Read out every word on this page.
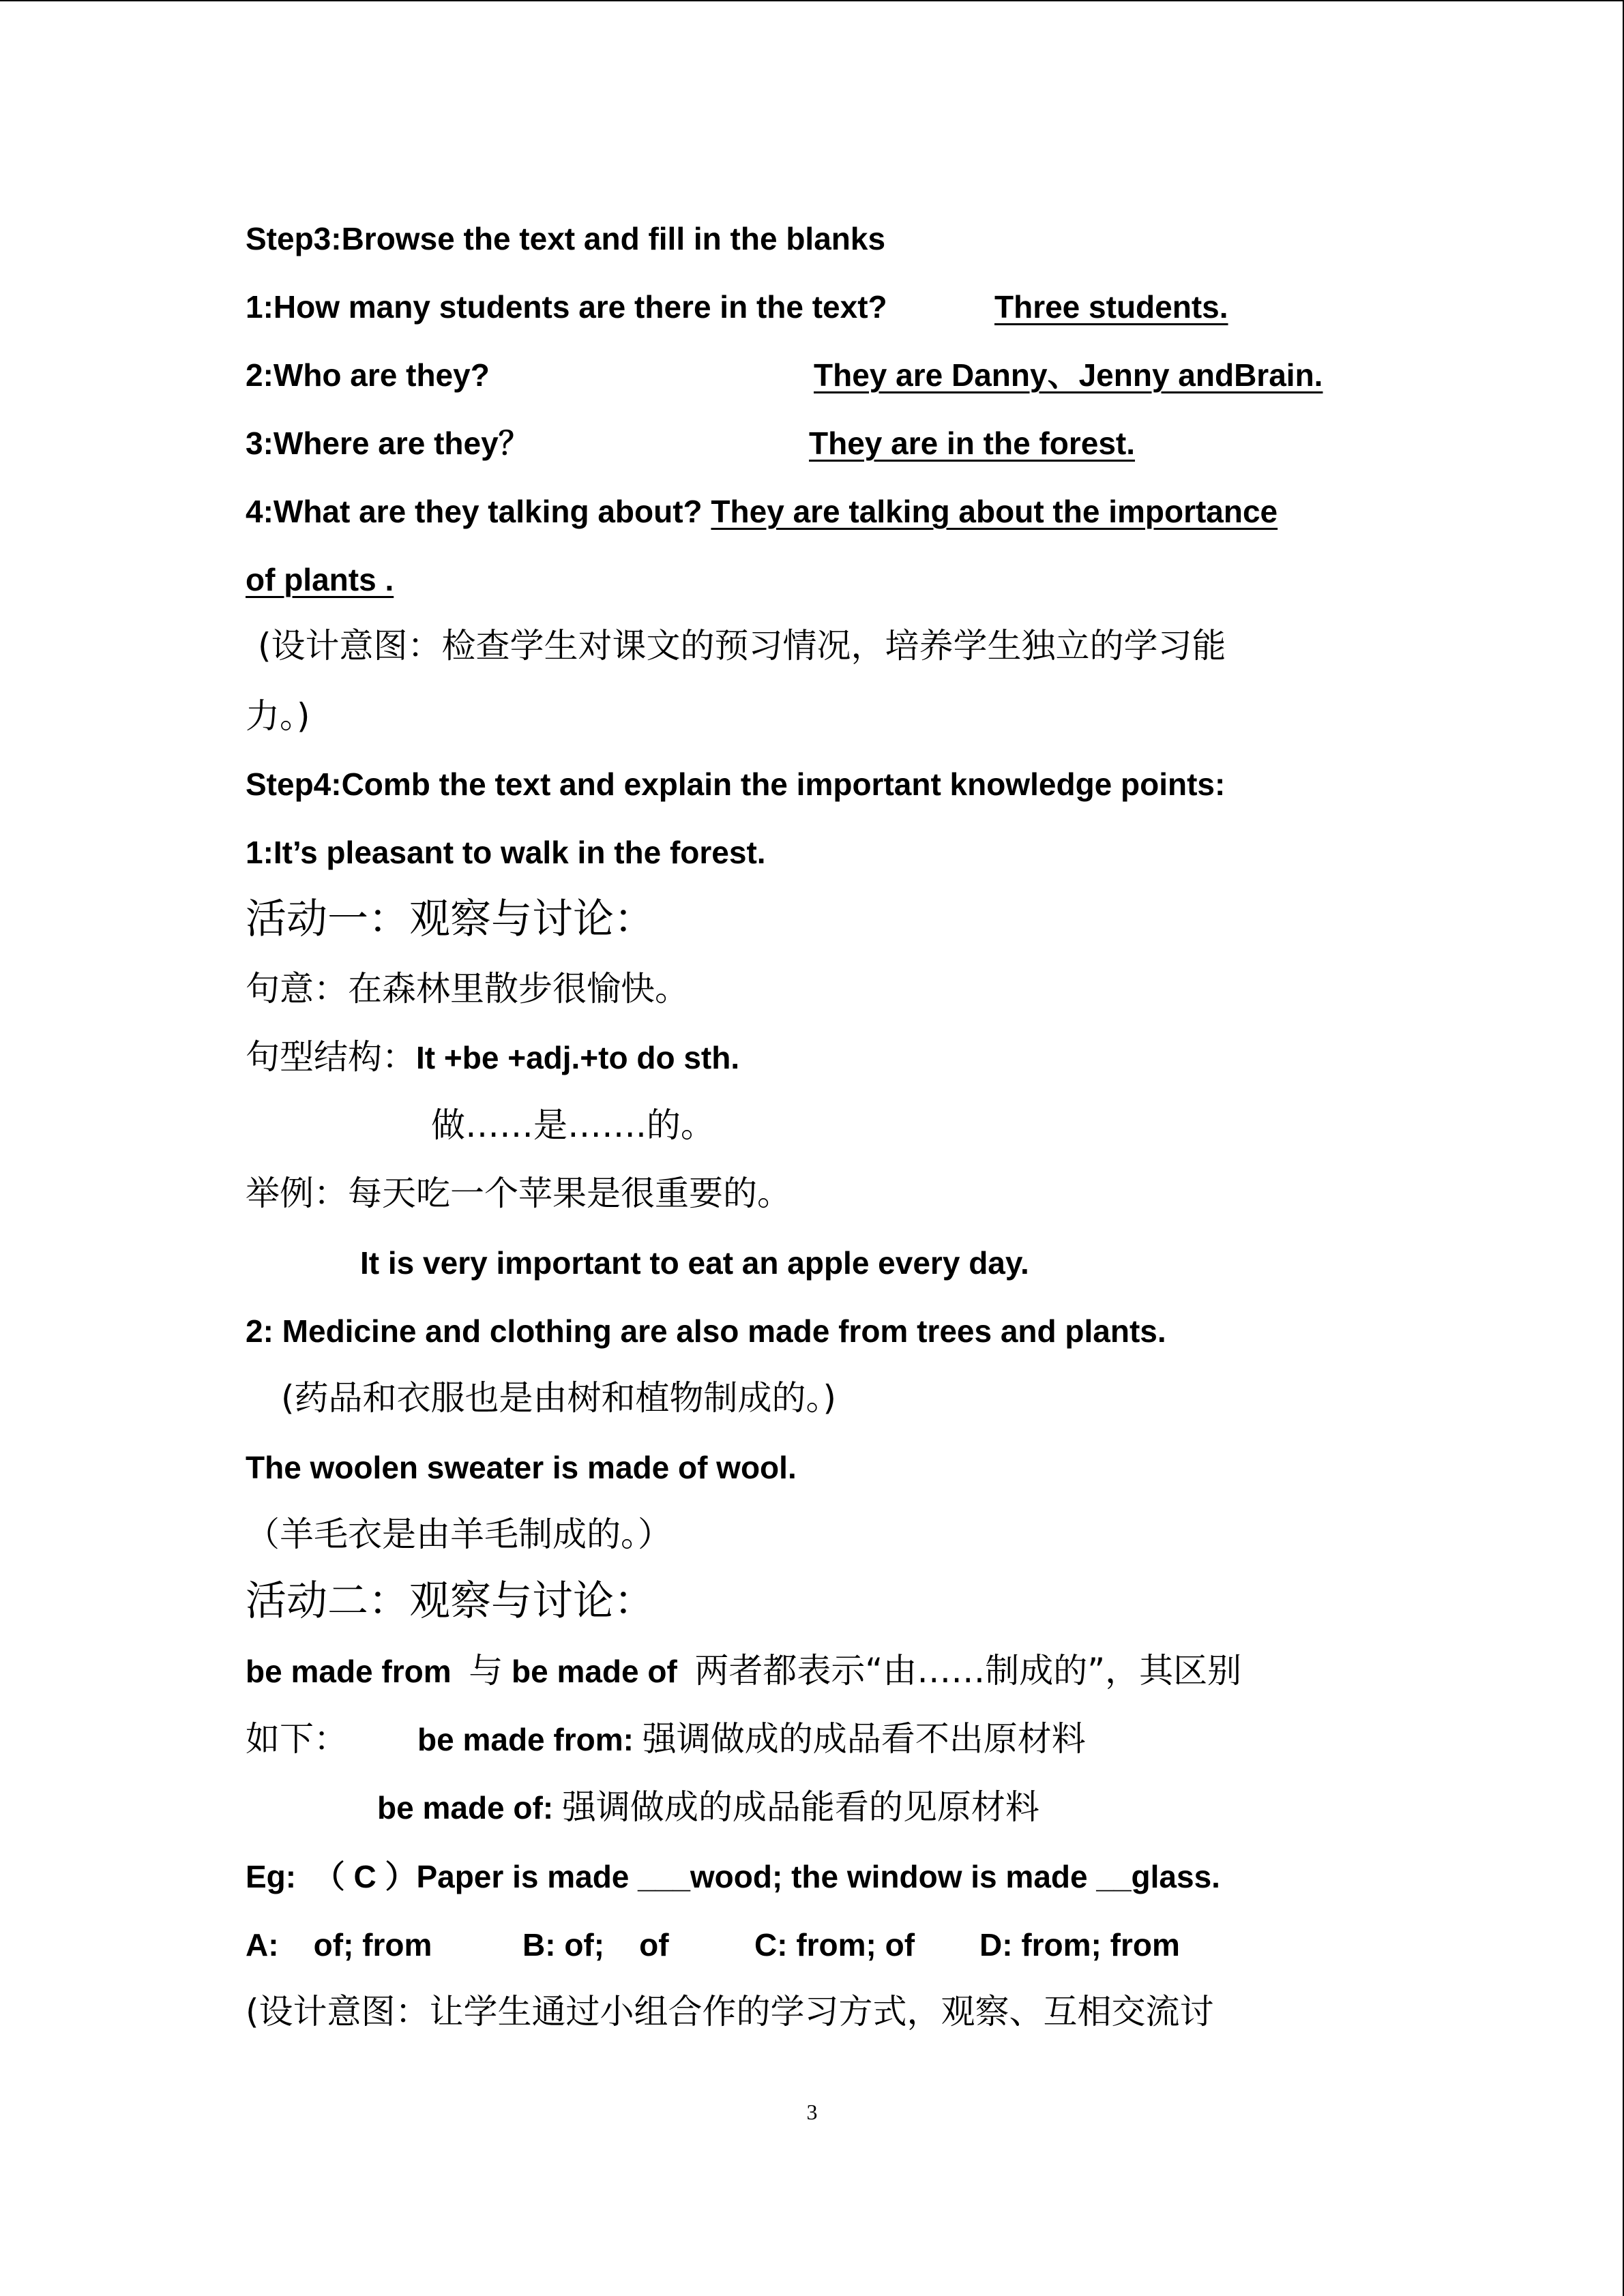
Step3:Browse the text and fill in the blanks
1:How many students are there in the text?	Three students.
2:Who are they?	They are Danny、Jenny andBrain.
3:Where are they？	They are in the forest.
4:What are they talking about? They are talking about the importance
of plants .
(设计意图：检查学生对课文的预习情况，培养学生独立的学习能
力。)
Step4:Comb the text and explain the important knowledge points:
1:It’s pleasant to walk in the forest.
活动一：观察与讨论：
句意：在森林里散步很愉快。
句型结构：It +be +adj.+to do sth.
做……是…….的。
举例：每天吃一个苹果是很重要的。
It is very important to eat an apple every day.
2: Medicine and clothing are also made from trees and plants.
(药品和衣服也是由树和植物制成的。)
The woolen sweater is made of wool.
（羊毛衣是由羊毛制成的。）
活动二：观察与讨论：
be made from 与 be made of 两者都表示“由……制成的”，其区别
如下： be made from: 强调做成的成品看不出原材料
be made of: 强调做成的成品能看的见原材料
Eg:  （ C ）Paper is made ___wood; the window is made __glass.
A:    of; from	B: of;    of	C: from; of D: from; from
(设计意图：让学生通过小组合作的学习方式，观察、互相交流讨
3
